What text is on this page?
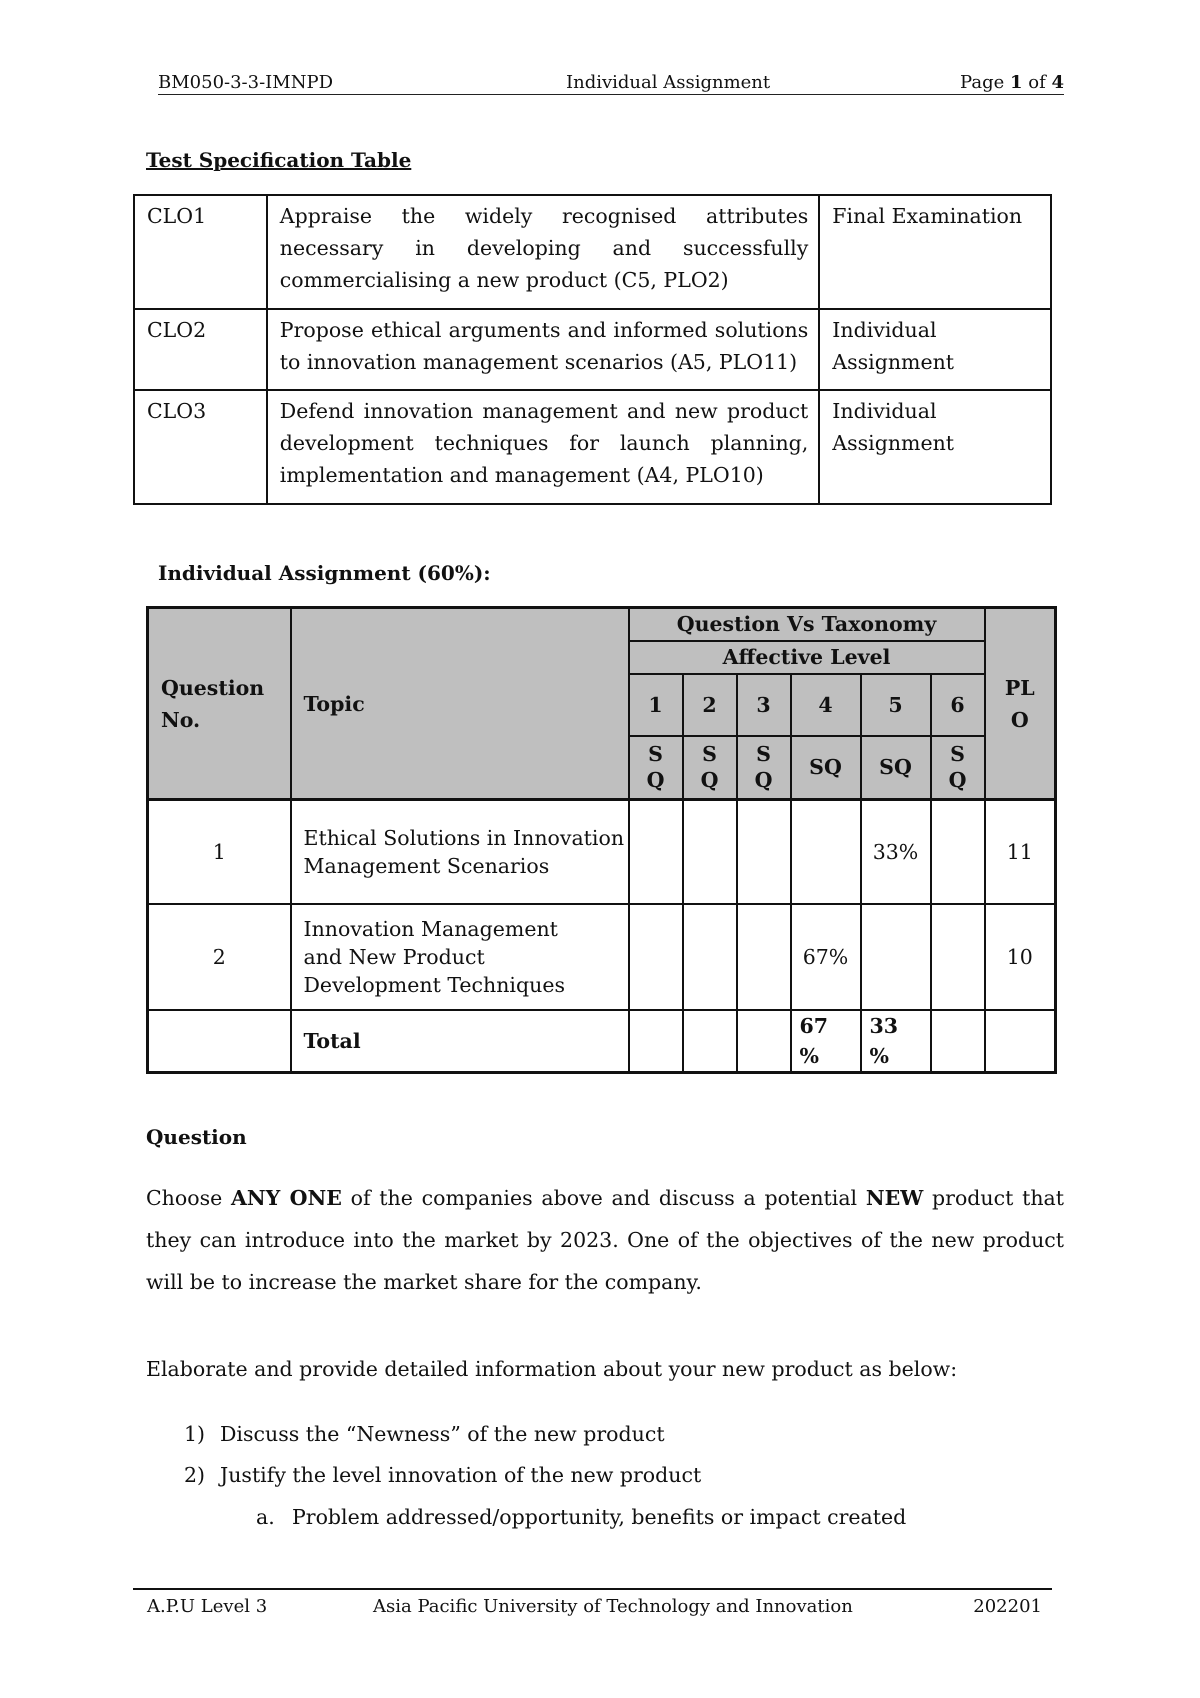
BM050-3-3-IMNPD	Individual Assignment	Page 1 of 4
Test Specification Table
CLO1	Appraise the widely recognised attributes necessary in developing and successfully commercialising a new product (C5, PLO2)	Final Examination
CLO2	Propose ethical arguments and informed solutions to innovation management scenarios (A5, PLO11)	Individual Assignment
CLO3	Defend innovation management and new product development techniques for launch planning, implementation and management (A4, PLO10)	Individual Assignment
Individual Assignment (60%):
Question No.	Topic	Question Vs Taxonomy						PL O
		Affective Level						
		1	2	3	4	5	6	
		S Q	S Q	S Q	SQ	SQ	S Q	
1	Ethical Solutions in Innovation Management Scenarios					33%		11
2	Innovation Management and New Product Development Techniques				67%			10
	Total				67 %	33 %		
Question
Choose ANY ONE of the companies above and discuss a potential NEW product that they can introduce into the market by 2023. One of the objectives of the new product will be to increase the market share for the company.
Elaborate and provide detailed information about your new product as below:
1) Discuss the “Newness” of the new product
2) Justify the level innovation of the new product
a. Problem addressed/opportunity, benefits or impact created
A.P.U Level 3	Asia Pacific University of Technology and Innovation	202201
